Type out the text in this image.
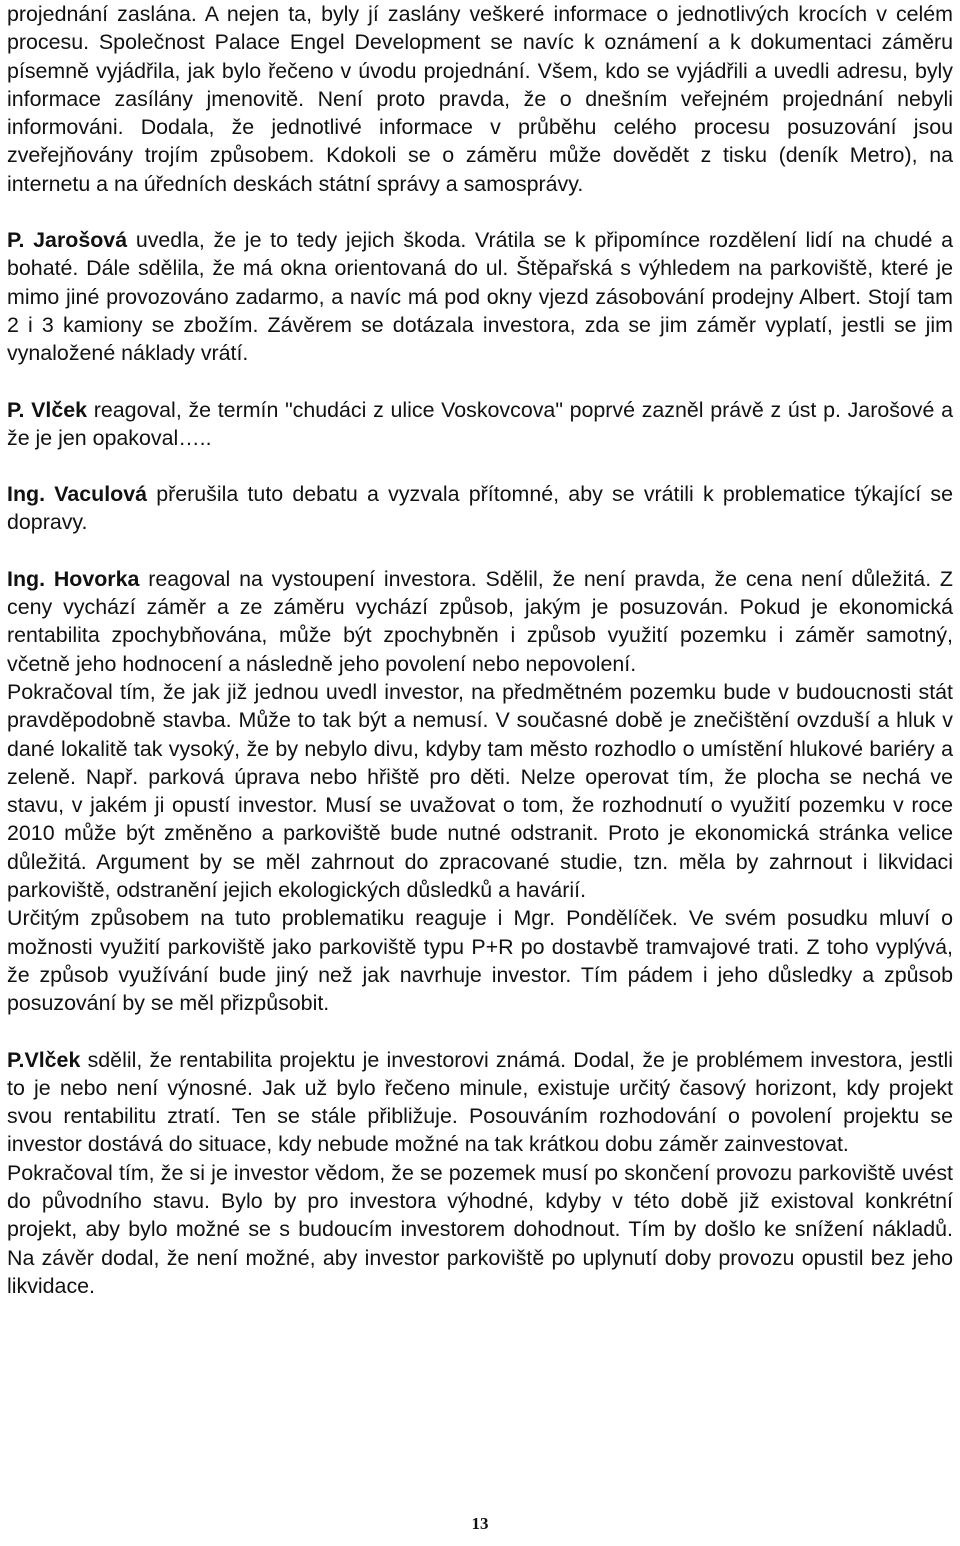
projednání zaslána. A nejen ta, byly jí zaslány veškeré informace o jednotlivých krocích v celém procesu. Společnost Palace Engel Development se navíc k oznámení a k dokumentaci záměru písemně vyjádřila, jak bylo řečeno v úvodu projednání. Všem, kdo se vyjádřili a uvedli adresu, byly informace zasílány jmenovitě. Není proto pravda, že o dnešním veřejném projednání nebyli informováni. Dodala, že jednotlivé informace v průběhu celého procesu posuzování jsou zveřejňovány trojím způsobem. Kdokoli se o záměru může dovědět z tisku (deník Metro), na internetu a na úředních deskách státní správy a samosprávy.

P. Jarošová uvedla, že je to tedy jejich škoda. Vrátila se k připomínce rozdělení lidí na chudé a bohaté. Dále sdělila, že má okna orientovaná do ul. Štěpařská s výhledem na parkoviště, které je mimo jiné provozováno zadarmo, a navíc má pod okny vjezd zásobování prodejny Albert. Stojí tam 2 i 3 kamiony se zbožím. Závěrem se dotázala investora, zda se jim záměr vyplatí, jestli se jim vynaložené náklady vrátí.

P. Vlček reagoval, že termín "chudáci z ulice Voskovcova" poprvé zazněl právě z úst p. Jarošové a že je jen opakoval…..

Ing. Vaculová přerušila tuto debatu a vyzvala přítomné, aby se vrátili k problematice týkající se dopravy.

Ing. Hovorka reagoval na vystoupení investora. Sdělil, že není pravda, že cena není důležitá. Z ceny vychází záměr a ze záměru vychází způsob, jakým je posuzován. Pokud je ekonomická rentabilita zpochybňována, může být zpochybněn i způsob využití pozemku i záměr samotný, včetně jeho hodnocení a následně jeho povolení nebo nepovolení.

Pokračoval tím, že jak již jednou uvedl investor, na předmětném pozemku bude v budoucnosti stát pravděpodobně stavba. Může to tak být a nemusí. V současné době je znečištění ovzduší a hluk v dané lokalitě tak vysoký, že by nebylo divu, kdyby tam město rozhodlo o umístění hlukové bariéry a zeleně. Např. parková úprava nebo hřiště pro děti. Nelze operovat tím, že plocha se nechá ve stavu, v jakém ji opustí investor. Musí se uvažovat o tom, že rozhodnutí o využití pozemku v roce 2010 může být změněno a parkoviště bude nutné odstranit. Proto je ekonomická stránka velice důležitá. Argument by se měl zahrnout do zpracované studie, tzn. měla by zahrnout i likvidaci parkoviště, odstranění jejich ekologických důsledků a havárií.

Určitým způsobem na tuto problematiku reaguje i Mgr. Pondělíček. Ve svém posudku mluví o možnosti využití parkoviště jako parkoviště typu P+R po dostavbě tramvajové trati. Z toho vyplývá, že způsob využívání bude jiný než jak navrhuje investor. Tím pádem i jeho důsledky a způsob posuzování by se měl přizpůsobit.

P.Vlček sdělil, že rentabilita projektu je investorovi známá. Dodal, že je problémem investora, jestli to je nebo není výnosné. Jak už bylo řečeno minule, existuje určitý časový horizont, kdy projekt svou rentabilitu ztratí. Ten se stále přibližuje. Posouváním rozhodování o povolení projektu se investor dostává do situace, kdy nebude možné na tak krátkou dobu záměr zainvestovat.

Pokračoval tím, že si je investor vědom, že se pozemek musí po skončení provozu parkoviště uvést do původního stavu. Bylo by pro investora výhodné, kdyby v této době již existoval konkrétní projekt, aby bylo možné se s budoucím investorem dohodnout. Tím by došlo ke snížení nákladů. Na závěr dodal, že není možné, aby investor parkoviště po uplynutí doby provozu opustil bez jeho likvidace.

13
